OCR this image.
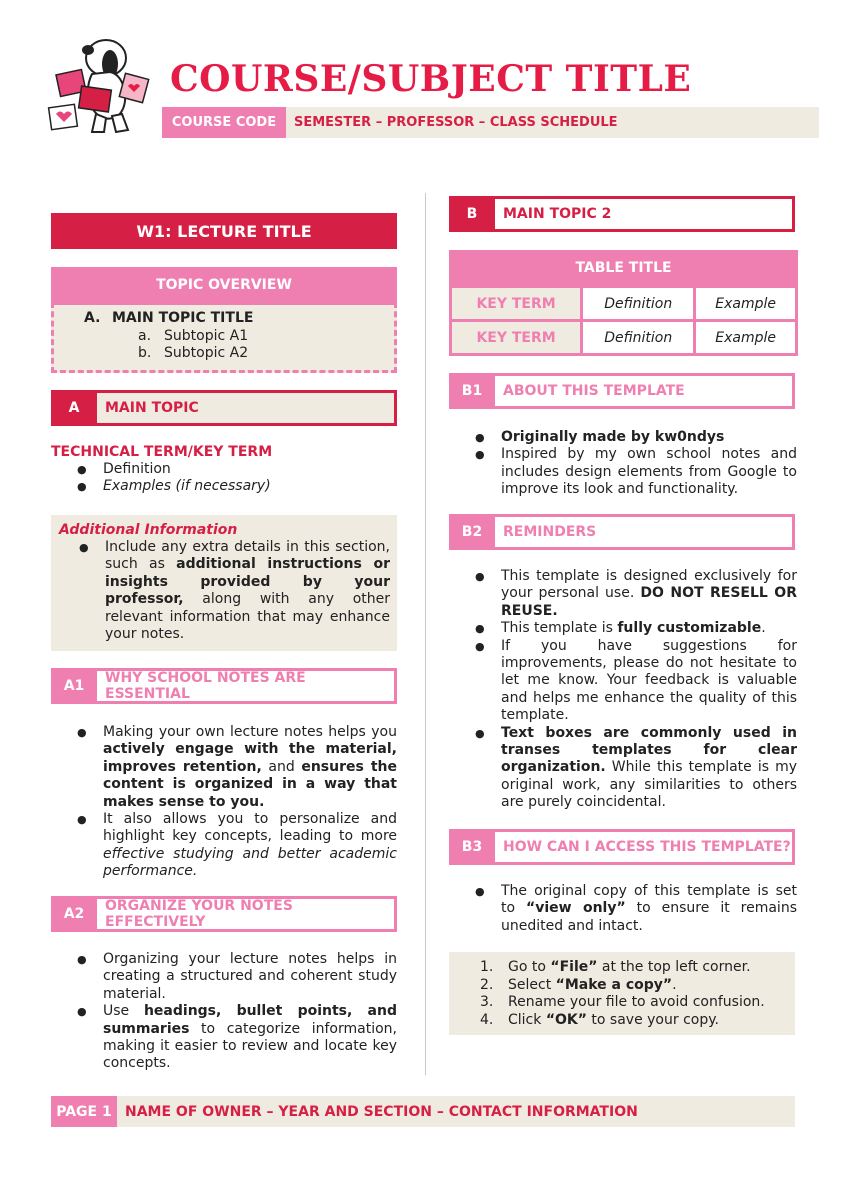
COURSE/SUBJECT TITLE
COURSE CODE	SEMESTER – PROFESSOR – CLASS SCHEDULE
W1: LECTURE TITLE
TOPIC OVERVIEW
A. MAIN TOPIC TITLE
a. Subtopic A1
b. Subtopic A2
A	MAIN TOPIC
TECHNICAL TERM/KEY TERM
● Definition
● Examples (if necessary)
Additional Information
● Include any extra details in this section, such as additional instructions or insights provided by your professor, along with any other relevant information that may enhance your notes.
A1	WHY SCHOOL NOTES ARE ESSENTIAL
● Making your own lecture notes helps you actively engage with the material, improves retention, and ensures the content is organized in a way that makes sense to you.
● It also allows you to personalize and highlight key concepts, leading to more effective studying and better academic performance.
A2	ORGANIZE YOUR NOTES EFFECTIVELY
● Organizing your lecture notes helps in creating a structured and coherent study material.
● Use headings, bullet points, and summaries to categorize information, making it easier to review and locate key concepts.
B	MAIN TOPIC 2
TABLE TITLE
KEY TERM	Definition	Example
KEY TERM	Definition	Example
B1	ABOUT THIS TEMPLATE
● Originally made by kw0ndys
● Inspired by my own school notes and includes design elements from Google to improve its look and functionality.
B2	REMINDERS
● This template is designed exclusively for your personal use. DO NOT RESELL OR REUSE.
● This template is fully customizable.
● If you have suggestions for improvements, please do not hesitate to let me know. Your feedback is valuable and helps me enhance the quality of this template.
● Text boxes are commonly used in transes templates for clear organization. While this template is my original work, any similarities to others are purely coincidental.
B3	HOW CAN I ACCESS THIS TEMPLATE?
● The original copy of this template is set to “view only” to ensure it remains unedited and intact.
1. Go to “File” at the top left corner.
2. Select “Make a copy”.
3. Rename your file to avoid confusion.
4. Click “OK” to save your copy.
PAGE 1 NAME OF OWNER – YEAR AND SECTION – CONTACT INFORMATION
